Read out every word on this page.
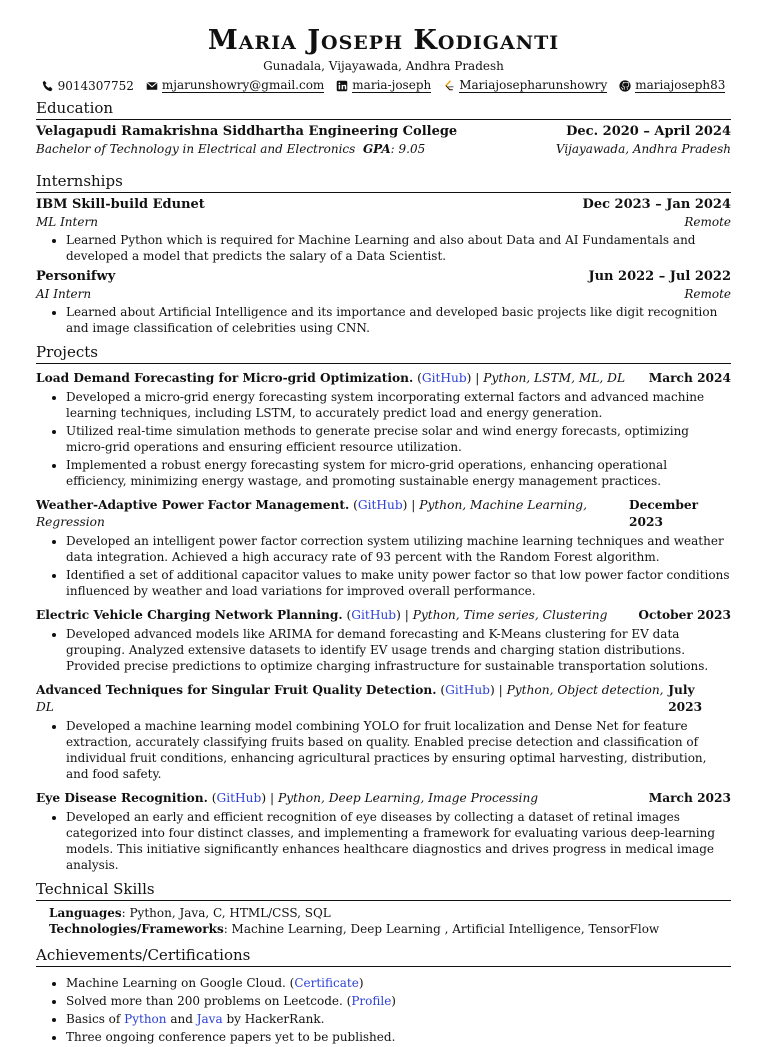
Maria Joseph Kodiganti
Gunadala, Vijayawada, Andhra Pradesh
9014307752 mjarunshowry@gmail.com maria-joseph Mariajosepharunshowry mariajoseph83
Education
Velagapudi Ramakrishna Siddhartha Engineering College	Dec. 2020 – April 2024
Bachelor of Technology in Electrical and Electronics GPA: 9.05	Vijayawada, Andhra Pradesh
Internships
IBM Skill-build Edunet	Dec 2023 – Jan 2024
ML Intern	Remote
• Learned Python which is required for Machine Learning and also about Data and AI Fundamentals and developed a model that predicts the salary of a Data Scientist.
Personifwy	Jun 2022 – Jul 2022
AI Intern	Remote
• Learned about Artificial Intelligence and its importance and developed basic projects like digit recognition and image classification of celebrities using CNN.
Projects
Load Demand Forecasting for Micro-grid Optimization. (GitHub) | Python, LSTM, ML, DL March 2024
• Developed a micro-grid energy forecasting system incorporating external factors and advanced machine learning techniques, including LSTM, to accurately predict load and energy generation.
• Utilized real-time simulation methods to generate precise solar and wind energy forecasts, optimizing micro-grid operations and ensuring efficient resource utilization.
• Implemented a robust energy forecasting system for micro-grid operations, enhancing operational efficiency, minimizing energy wastage, and promoting sustainable energy management practices.
Weather-Adaptive Power Factor Management. (GitHub) | Python, Machine Learning, Regression
December 2023
• Developed an intelligent power factor correction system utilizing machine learning techniques and weather data integration. Achieved a high accuracy rate of 93 percent with the Random Forest algorithm.
• Identified a set of additional capacitor values to make unity power factor so that low power factor conditions influenced by weather and load variations for improved overall performance.
Electric Vehicle Charging Network Planning. (GitHub) | Python, Time series, Clustering	October 2023
• Developed advanced models like ARIMA for demand forecasting and K-Means clustering for EV data grouping. Analyzed extensive datasets to identify EV usage trends and charging station distributions. Provided precise predictions to optimize charging infrastructure for sustainable transportation solutions.
Advanced Techniques for Singular Fruit Quality Detection. (GitHub) | Python, Object detection, DL
July 2023
• Developed a machine learning model combining YOLO for fruit localization and Dense Net for feature extraction, accurately classifying fruits based on quality. Enabled precise detection and classification of individual fruit conditions, enhancing agricultural practices by ensuring optimal harvesting, distribution, and food safety.
Eye Disease Recognition. (GitHub) | Python, Deep Learning, Image Processing	March 2023
• Developed an early and efficient recognition of eye diseases by collecting a dataset of retinal images categorized into four distinct classes, and implementing a framework for evaluating various deep-learning models. This initiative significantly enhances healthcare diagnostics and drives progress in medical image analysis.
Technical Skills
Languages: Python, Java, C, HTML/CSS, SQL
Technologies/Frameworks: Machine Learning, Deep Learning , Artificial Intelligence, TensorFlow
Achievements/Certifications
• Machine Learning on Google Cloud. (Certificate)
• Solved more than 200 problems on Leetcode. (Profile)
• Basics of Python and Java by HackerRank.
• Three ongoing conference papers yet to be published.
